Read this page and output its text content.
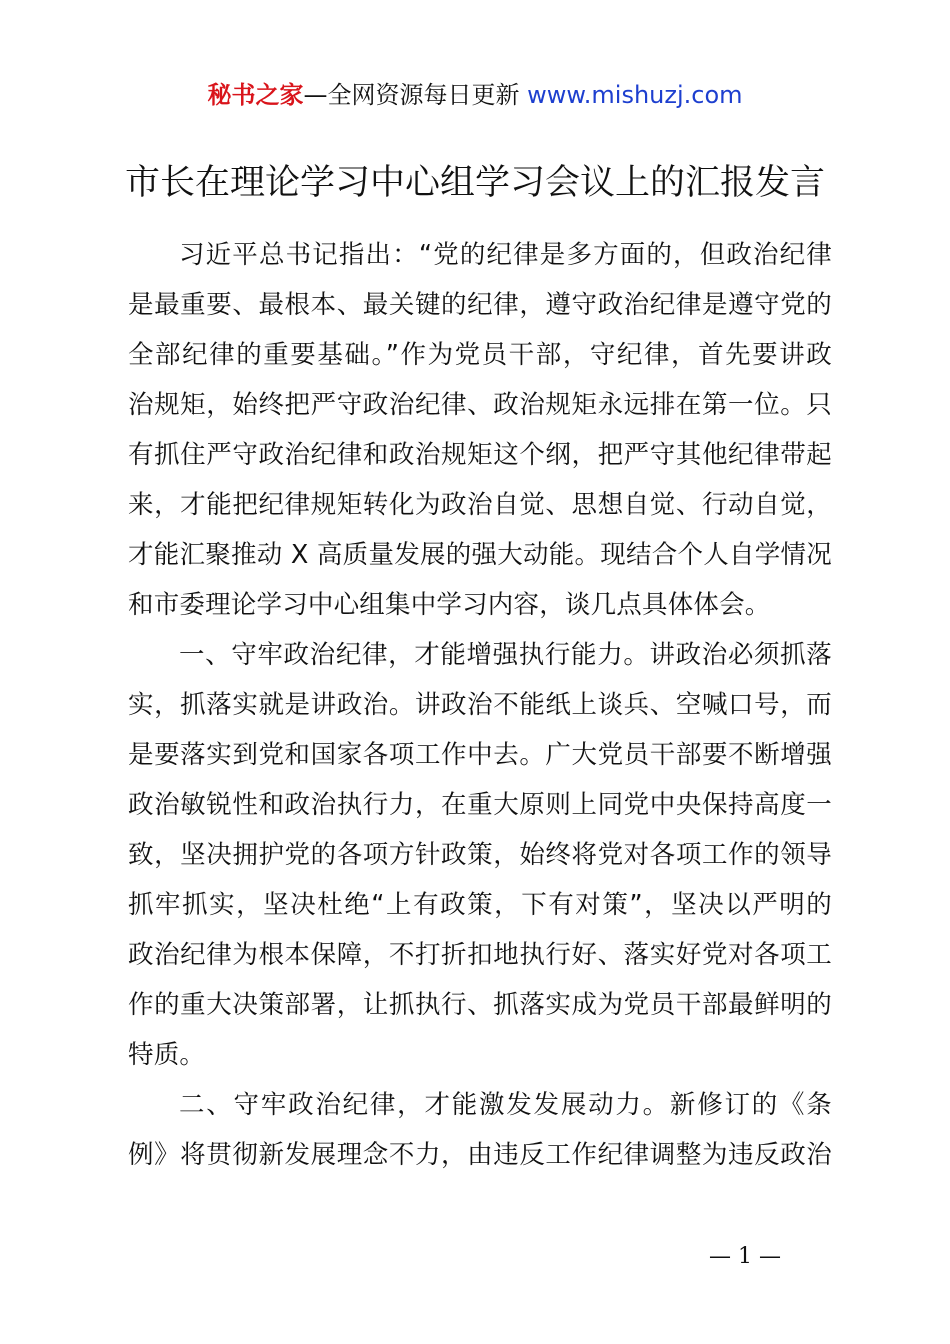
秘书之家—全网资源每日更新 www.mishuzj.com
市长在理论学习中心组学习会议上的汇报发言
习近平总书记指出：“党的纪律是多方面的，但政治纪律
是最重要、最根本、最关键的纪律，遵守政治纪律是遵守党的
全部纪律的重要基础。”作为党员干部，守纪律，首先要讲政
治规矩，始终把严守政治纪律、政治规矩永远排在第一位。只
有抓住严守政治纪律和政治规矩这个纲，把严守其他纪律带起
来，才能把纪律规矩转化为政治自觉、思想自觉、行动自觉，
才能汇聚推动 X 高质量发展的强大动能。现结合个人自学情况
和市委理论学习中心组集中学习内容，谈几点具体体会。
一、守牢政治纪律，才能增强执行能力。讲政治必须抓落
实，抓落实就是讲政治。讲政治不能纸上谈兵、空喊口号，而
是要落实到党和国家各项工作中去。广大党员干部要不断增强
政治敏锐性和政治执行力，在重大原则上同党中央保持高度一
致，坚决拥护党的各项方针政策，始终将党对各项工作的领导
抓牢抓实，坚决杜绝“上有政策，下有对策”，坚决以严明的
政治纪律为根本保障，不打折扣地执行好、落实好党对各项工
作的重大决策部署，让抓执行、抓落实成为党员干部最鲜明的
特质。
二、守牢政治纪律，才能激发发展动力。新修订的《条
例》将贯彻新发展理念不力，由违反工作纪律调整为违反政治
— 1 —
